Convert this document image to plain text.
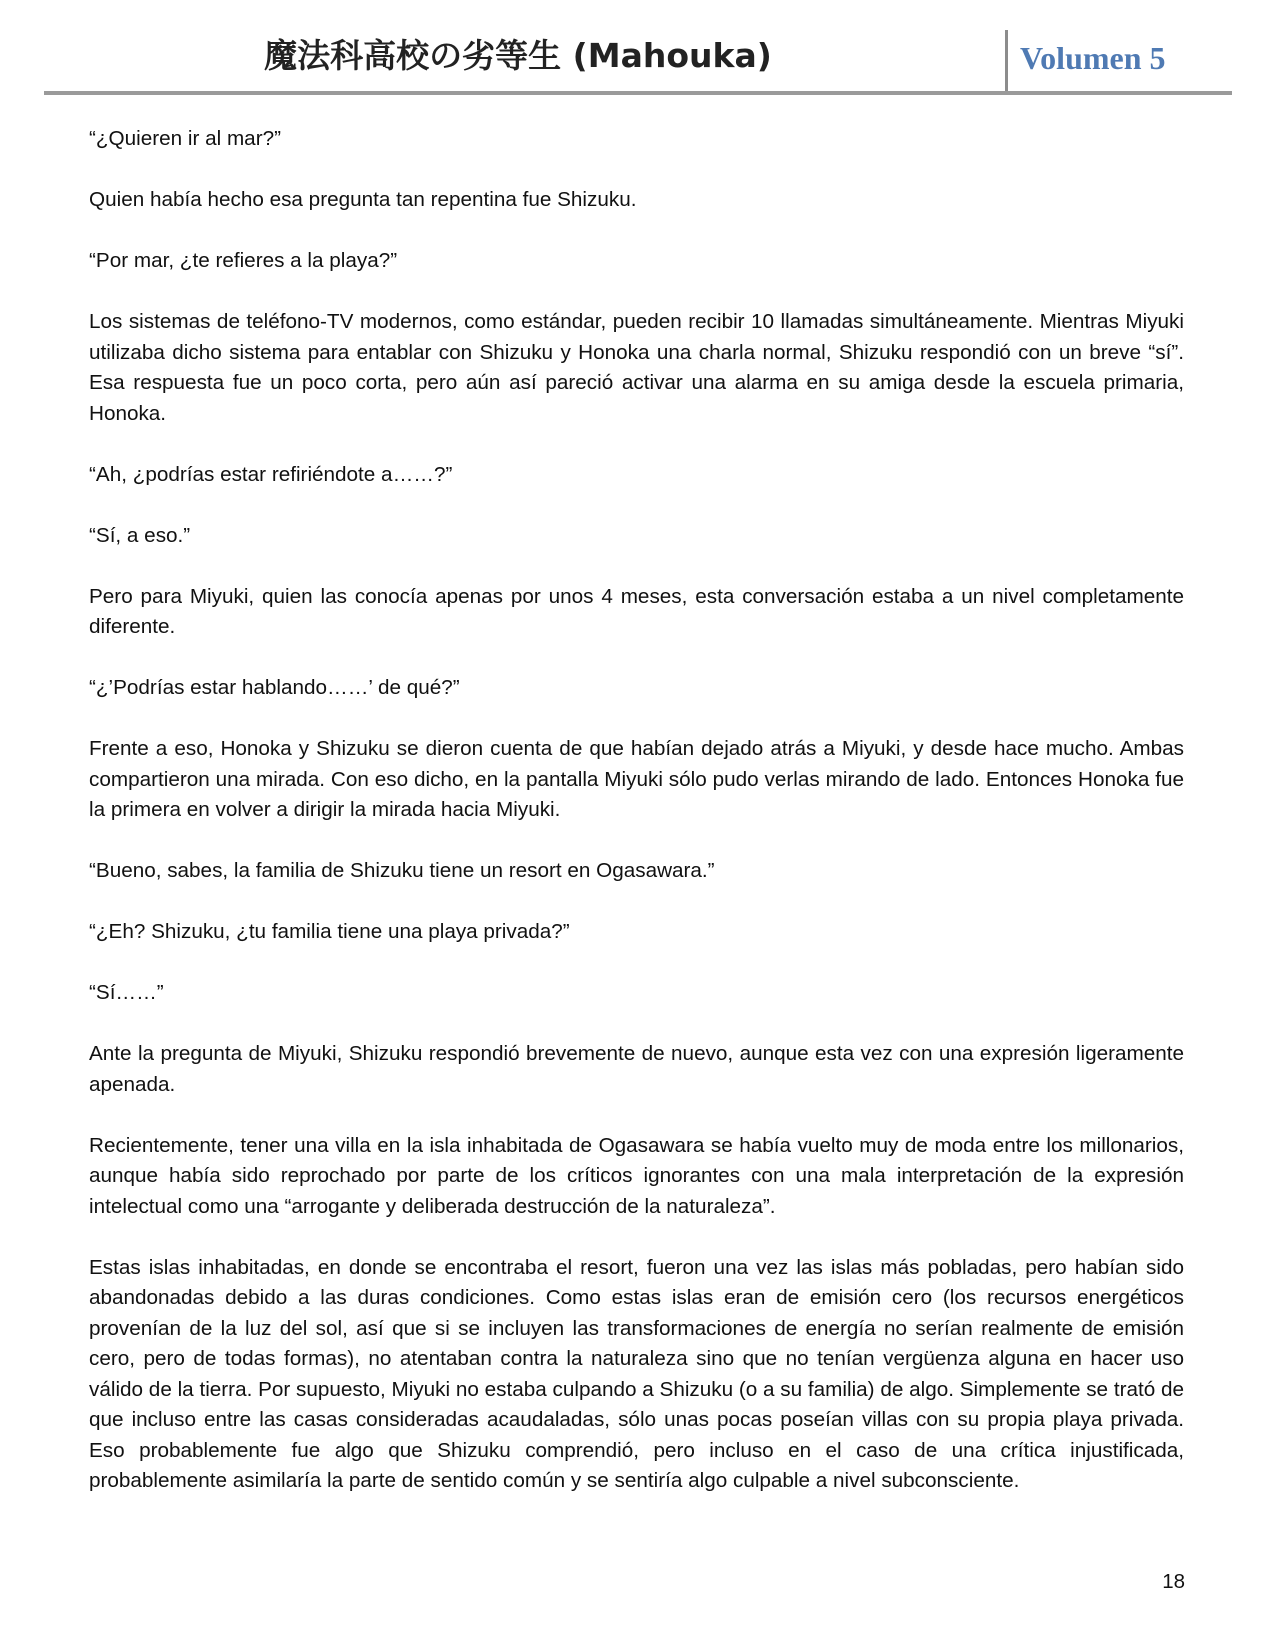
魔法科高校の劣等生 (Mahouka)	Volumen 5

“¿Quieren ir al mar?”

Quien había hecho esa pregunta tan repentina fue Shizuku.

“Por mar, ¿te refieres a la playa?”

Los sistemas de teléfono-TV modernos, como estándar, pueden recibir 10 llamadas simultáneamente. Mientras Miyuki utilizaba dicho sistema para entablar con Shizuku y Honoka una charla normal, Shizuku respondió con un breve “sí”. Esa respuesta fue un poco corta, pero aún así pareció activar una alarma en su amiga desde la escuela primaria, Honoka.

“Ah, ¿podrías estar refiriéndote a……?”

“Sí, a eso.”

Pero para Miyuki, quien las conocía apenas por unos 4 meses, esta conversación estaba a un nivel completamente diferente.

“¿’Podrías estar hablando……’ de qué?”

Frente a eso, Honoka y Shizuku se dieron cuenta de que habían dejado atrás a Miyuki, y desde hace mucho. Ambas compartieron una mirada. Con eso dicho, en la pantalla Miyuki sólo pudo verlas mirando de lado. Entonces Honoka fue la primera en volver a dirigir la mirada hacia Miyuki.

“Bueno, sabes, la familia de Shizuku tiene un resort en Ogasawara.”

“¿Eh? Shizuku, ¿tu familia tiene una playa privada?”

“Sí……”

Ante la pregunta de Miyuki, Shizuku respondió brevemente de nuevo, aunque esta vez con una expresión ligeramente apenada.

Recientemente, tener una villa en la isla inhabitada de Ogasawara se había vuelto muy de moda entre los millonarios, aunque había sido reprochado por parte de los críticos ignorantes con una mala interpretación de la expresión intelectual como una “arrogante y deliberada destrucción de la naturaleza”.

Estas islas inhabitadas, en donde se encontraba el resort, fueron una vez las islas más pobladas, pero habían sido abandonadas debido a las duras condiciones. Como estas islas eran de emisión cero (los recursos energéticos provenían de la luz del sol, así que si se incluyen las transformaciones de energía no serían realmente de emisión cero, pero de todas formas), no atentaban contra la naturaleza sino que no tenían vergüenza alguna en hacer uso válido de la tierra. Por supuesto, Miyuki no estaba culpando a Shizuku (o a su familia) de algo. Simplemente se trató de que incluso entre las casas consideradas acaudaladas, sólo unas pocas poseían villas con su propia playa privada. Eso probablemente fue algo que Shizuku comprendió, pero incluso en el caso de una crítica injustificada, probablemente asimilaría la parte de sentido común y se sentiría algo culpable a nivel subconsciente.

18
